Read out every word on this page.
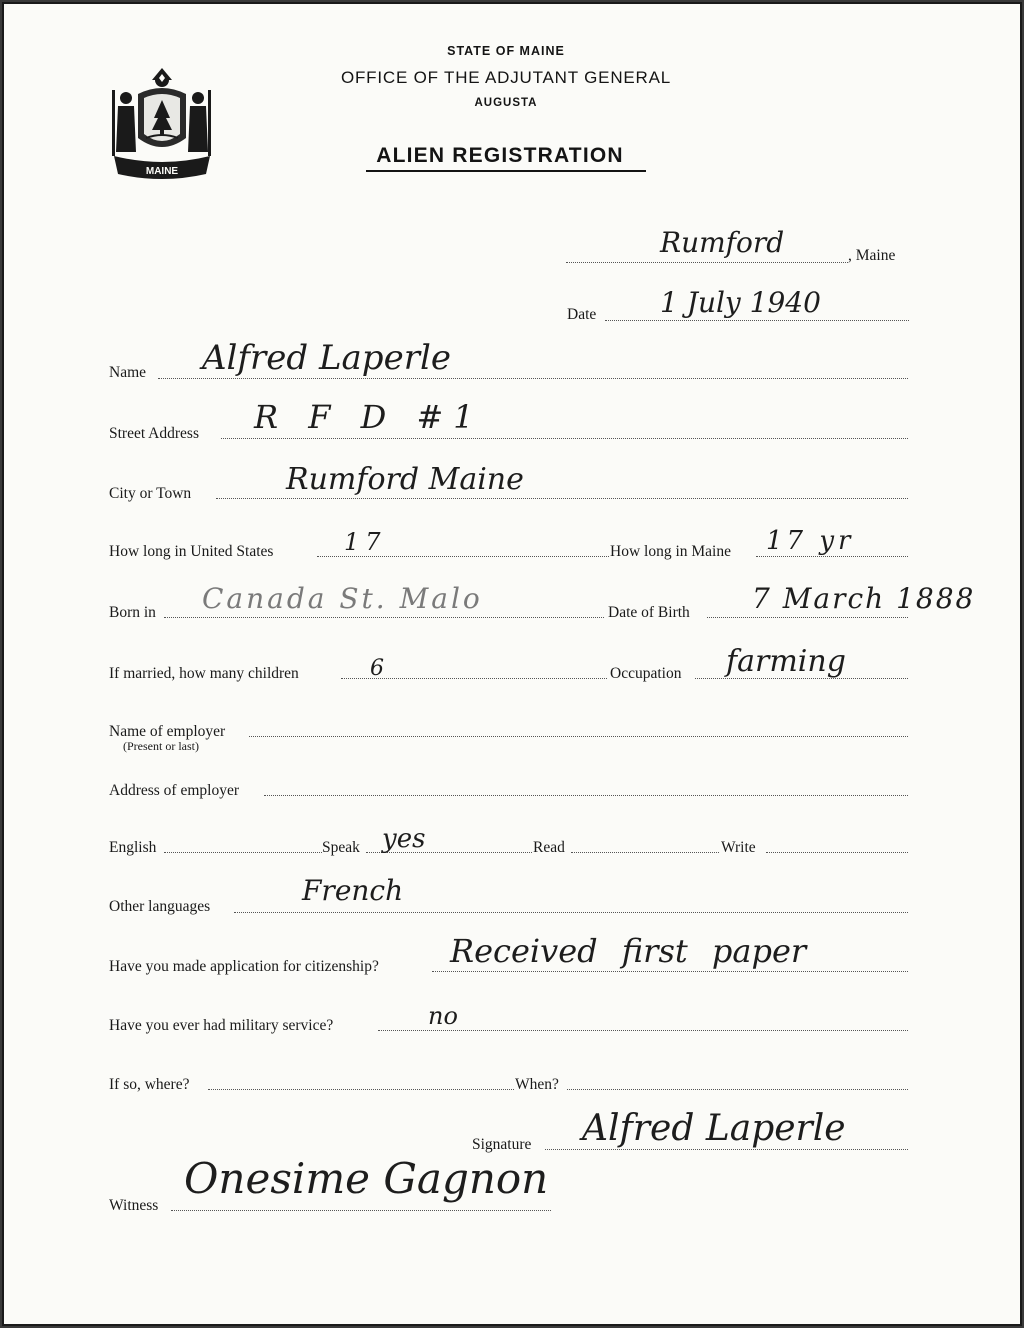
MAINE
STATE OF MAINE
OFFICE OF THE ADJUTANT GENERAL
AUGUSTA
ALIEN REGISTRATION
Rumford	, Maine
Date 1 July 1940
Name Alfred Laperle
Street Address R F D #1
City or Town	Rumford Maine
How long in United States	17	How long in Maine 17 yr
Born in Canada St. Malo	Date of Birth 7 March 1888
If married, how many children	6	Occupation farming
Name of employer
(Present or last)
Address of employer
English	Speak yes	Read	Write
Other languages	French
Have you made application for citizenship? Received first paper
Have you ever had military service?	no
If so, where?	When?
Signature Alfred Laperle
Witness
Onesime Gagnon
